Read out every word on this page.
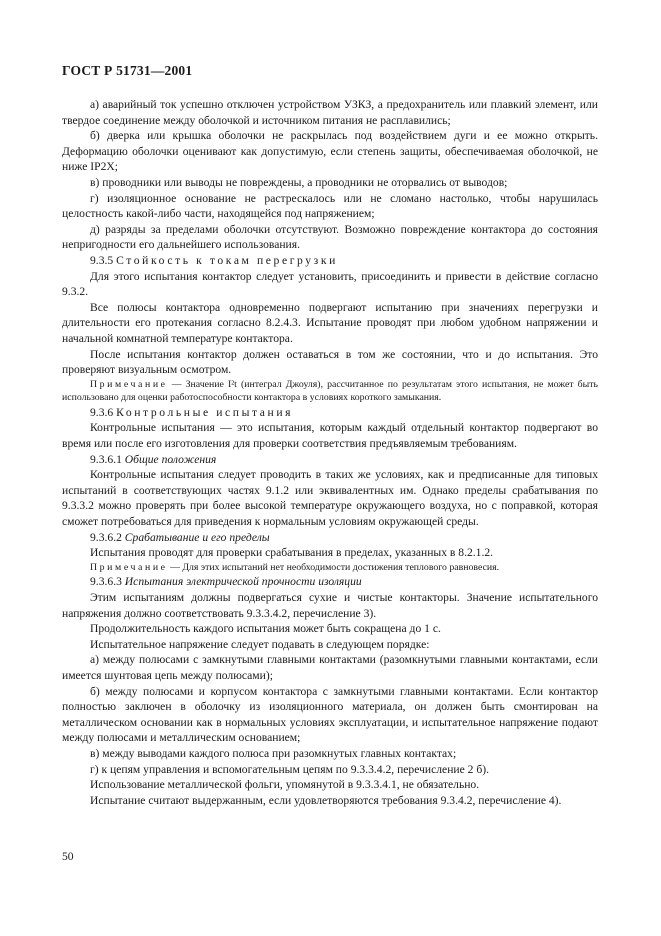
ГОСТ Р 51731—2001

а) аварийный ток успешно отключен устройством УЗКЗ, а предохранитель или плавкий элемент, или твердое соединение между оболочкой и источником питания не расплавились;

б) дверка или крышка оболочки не раскрылась под воздействием дуги и ее можно открыть. Деформацию оболочки оценивают как допустимую, если степень защиты, обеспечиваемая оболочкой, не ниже IP2X;

в) проводники или выводы не повреждены, а проводники не оторвались от выводов;

г) изоляционное основание не растрескалось или не сломано настолько, чтобы нарушилась целостность какой-либо части, находящейся под напряжением;

д) разряды за пределами оболочки отсутствуют. Возможно повреждение контактора до состояния непригодности его дальнейшего использования.

9.3.5 Стойкость к токам перегрузки

Для этого испытания контактор следует установить, присоединить и привести в действие согласно 9.3.2.

Все полюсы контактора одновременно подвергают испытанию при значениях перегрузки и длительности его протекания согласно 8.2.4.3. Испытание проводят при любом удобном напряжении и начальной комнатной температуре контактора.

После испытания контактор должен оставаться в том же состоянии, что и до испытания. Это проверяют визуальным осмотром.

Примечание — Значение I²t (интеграл Джоуля), рассчитанное по результатам этого испытания, не может быть использовано для оценки работоспособности контактора в условиях короткого замыкания.

9.3.6 Контрольные испытания

Контрольные испытания — это испытания, которым каждый отдельный контактор подвергают во время или после его изготовления для проверки соответствия предъявляемым требованиям.

9.3.6.1 Общие положения

Контрольные испытания следует проводить в таких же условиях, как и предписанные для типовых испытаний в соответствующих частях 9.1.2 или эквивалентных им. Однако пределы срабатывания по 9.3.3.2 можно проверять при более высокой температуре окружающего воздуха, но с поправкой, которая сможет потребоваться для приведения к нормальным условиям окружающей среды.

9.3.6.2 Срабатывание и его пределы

Испытания проводят для проверки срабатывания в пределах, указанных в 8.2.1.2.

Примечание — Для этих испытаний нет необходимости достижения теплового равновесия.

9.3.6.3 Испытания электрической прочности изоляции

Этим испытаниям должны подвергаться сухие и чистые контакторы. Значение испытательного напряжения должно соответствовать 9.3.3.4.2, перечисление 3).

Продолжительность каждого испытания может быть сокращена до 1 с.

Испытательное напряжение следует подавать в следующем порядке:

а) между полюсами с замкнутыми главными контактами (разомкнутыми главными контактами, если имеется шунтовая цепь между полюсами);

б) между полюсами и корпусом контактора с замкнутыми главными контактами. Если контактор полностью заключен в оболочку из изоляционного материала, он должен быть смонтирован на металлическом основании как в нормальных условиях эксплуатации, и испытательное напряжение подают между полюсами и металлическим основанием;

в) между выводами каждого полюса при разомкнутых главных контактах;

г) к цепям управления и вспомогательным цепям по 9.3.3.4.2, перечисление 2 б).

Использование металлической фольги, упомянутой в 9.3.3.4.1, не обязательно.

Испытание считают выдержанным, если удовлетворяются требования 9.3.4.2, перечисление 4).

50
